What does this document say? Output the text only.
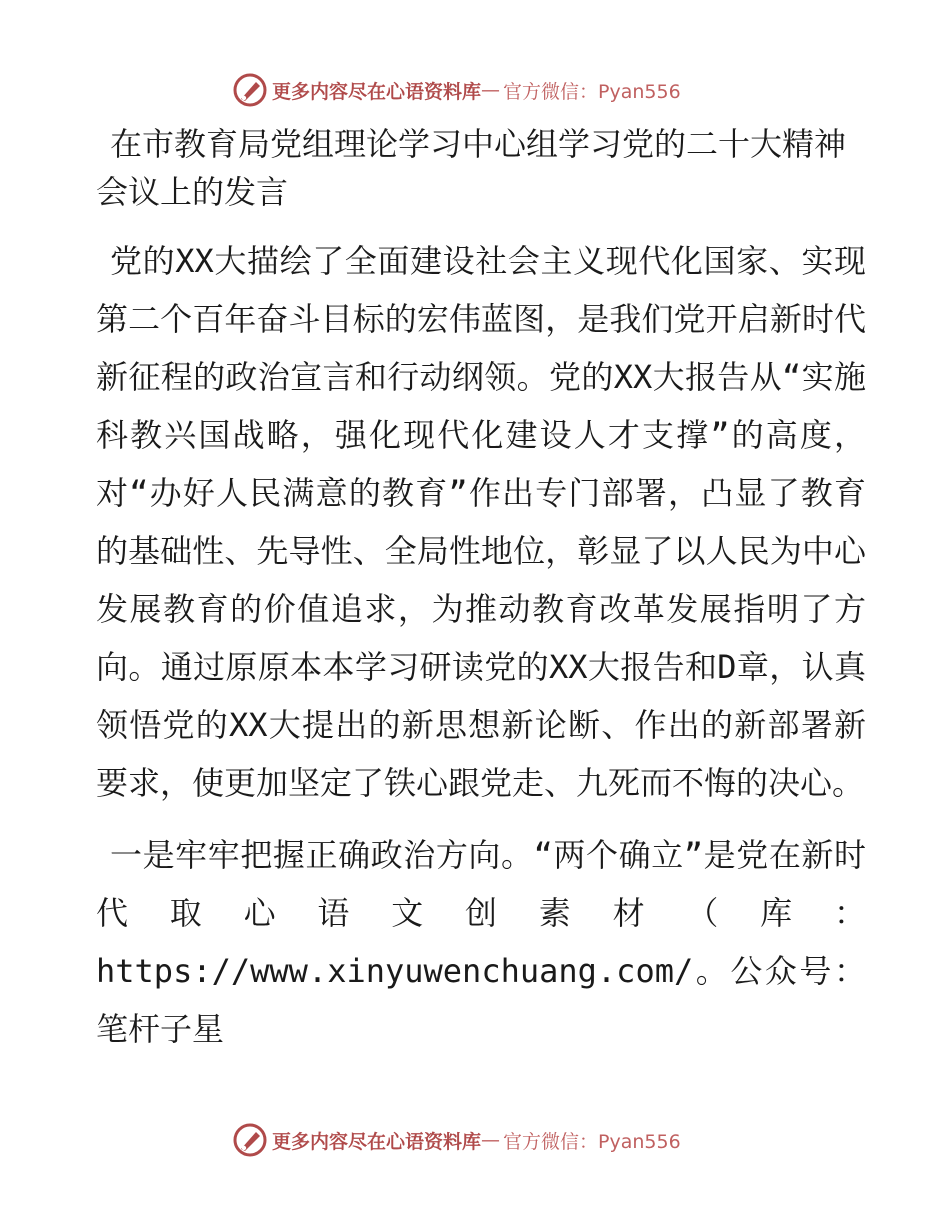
更多内容尽在心语资料库 — 官方微信：Pyan556
在市教育局党组理论学习中心组学习党的二十大精神会议上的发言

党的XX大描绘了全面建设社会主义现代化国家、实现第二个百年奋斗目标的宏伟蓝图，是我们党开启新时代新征程的政治宣言和行动纲领。党的XX大报告从“实施科教兴国战略，强化现代化建设人才支撑”的高度，对“办好人民满意的教育”作出专门部署，凸显了教育的基础性、先导性、全局性地位，彰显了以人民为中心发展教育的价值追求，为推动教育改革发展指明了方向。通过原原本本学习研读党的XX大报告和D章，认真领悟党的XX大提出的新思想新论断、作出的新部署新要求，使更加坚定了铁心跟党走、九死而不悔的决心。

一是牢牢把握正确政治方向。“两个确立”是党在新时代取心语文创素材（库：https://www.xinyuwenchuang.com/。公众号：笔杆子星

更多内容尽在心语资料库 — 官方微信：Pyan556
